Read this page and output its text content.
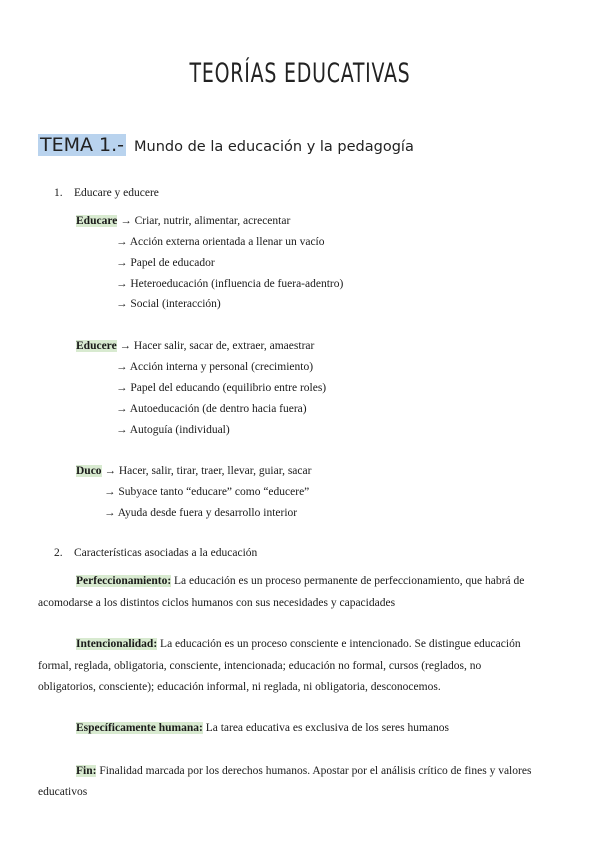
TEORÍAS EDUCATIVAS
TEMA 1.- Mundo de la educación y la pedagogía
1. Educare y educere
Educare → Criar, nutrir, alimentar, acrecentar
→ Acción externa orientada a llenar un vacío
→ Papel de educador
→ Heteroeducación (influencia de fuera-adentro)
→ Social (interacción)
Educere → Hacer salir, sacar de, extraer, amaestrar
→ Acción interna y personal (crecimiento)
→ Papel del educando (equilibrio entre roles)
→ Autoeducación (de dentro hacia fuera)
→ Autoguía (individual)
Duco → Hacer, salir, tirar, traer, llevar, guiar, sacar
→ Subyace tanto “educare” como “educere”
→ Ayuda desde fuera y desarrollo interior
2. Características asociadas a la educación
Perfeccionamiento: La educación es un proceso permanente de perfeccionamiento, que habrá de
acomodarse a los distintos ciclos humanos con sus necesidades y capacidades
Intencionalidad: La educación es un proceso consciente e intencionado. Se distingue educación
formal, reglada, obligatoria, consciente, intencionada; educación no formal, cursos (reglados, no
obligatorios, consciente); educación informal, ni reglada, ni obligatoria, desconocemos.
Específicamente humana: La tarea educativa es exclusiva de los seres humanos
Fin: Finalidad marcada por los derechos humanos. Apostar por el análisis crítico de fines y valores
educativos
